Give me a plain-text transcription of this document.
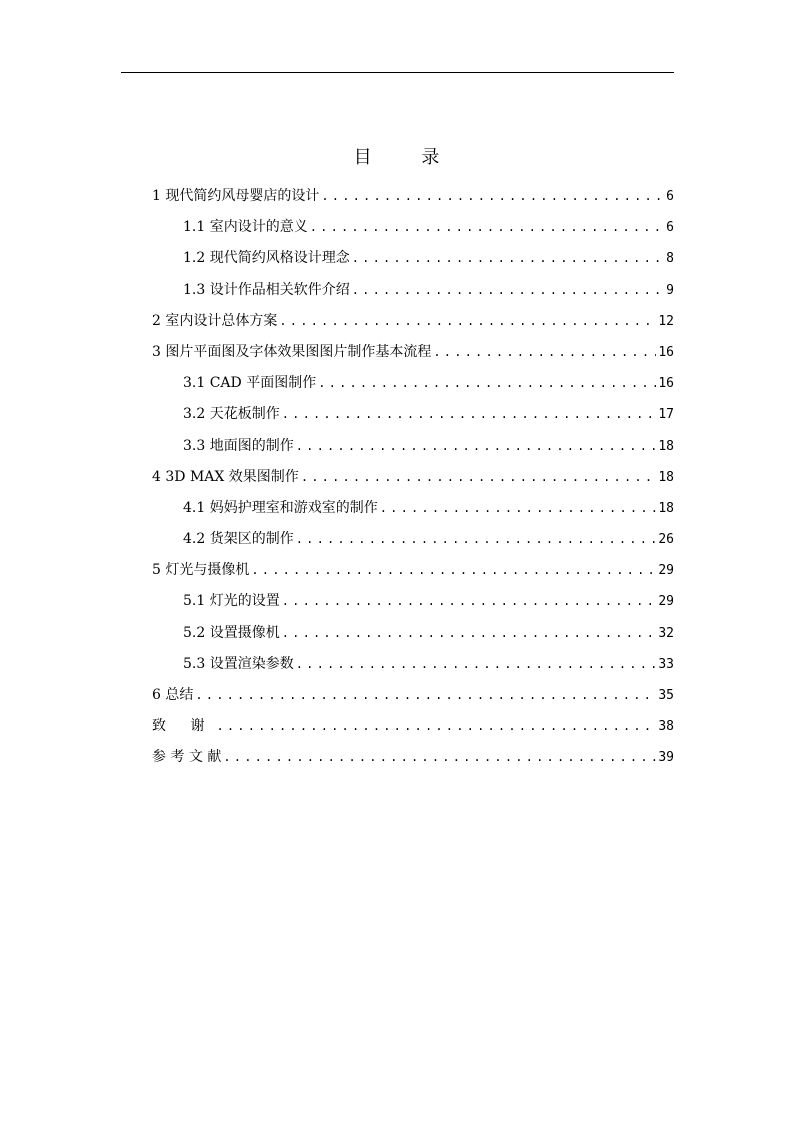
目 录
1 现代简约风母婴店的设计 .....	6
1.1 室内设计的意义 .....	6
1.2 现代简约风格设计理念 .....	8
1.3 设计作品相关软件介绍 .....	9
2 室内设计总体方案 .....	12
3 图片平面图及字体效果图图片制作基本流程 .....	16
3.1 CAD 平面图制作 .....	16
3.2 天花板制作 .....	17
3.3 地面图的制作 .....	18
4 3D MAX 效果图制作 .....	18
4.1 妈妈护理室和游戏室的制作 .....	18
4.2 货架区的制作 .....	26
5 灯光与摄像机 .....	29
5.1 灯光的设置 .....	29
5.2 设置摄像机 .....	32
5.3 设置渲染参数 .....	33
6 总结 .....	35
致 谢 .....	38
参 考 文 献 .....	39
